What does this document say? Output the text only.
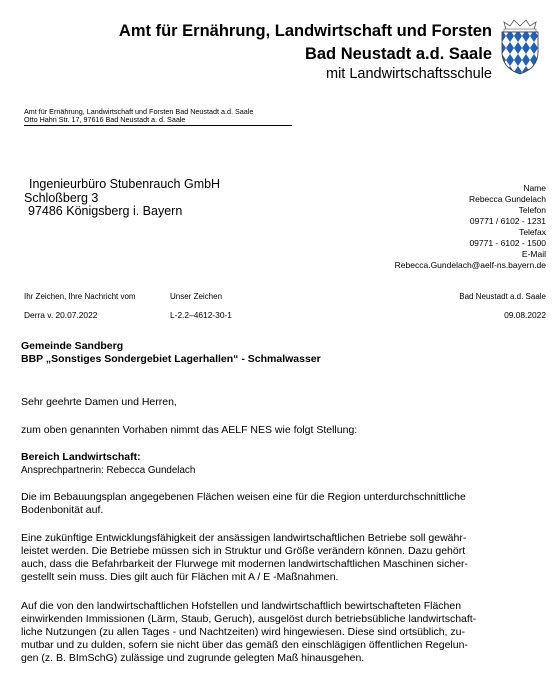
Amt für Ernährung, Landwirtschaft und Forsten
Bad Neustadt a.d. Saale
mit Landwirtschaftsschule
Amt für Ernährung, Landwirtschaft und Forsten Bad Neustadt a.d. Saale
Otto Hahn Str. 17, 97616 Bad Neustadt a. d. Saale
Ingenieurbüro Stubenrauch GmbH
Schloßberg 3
97486 Königsberg i. Bayern
Name
Rebecca Gundelach
Telefon
09771 / 6102 - 1231
Telefax
09771 - 6102 - 1500
E-Mail
Rebecca.Gundelach@aelf-ns.bayern.de
Ihr Zeichen, Ihre Nachricht vom	Unser Zeichen	Bad Neustadt a.d. Saale
Derra v. 20.07.2022	L-2.2–4612-30-1	09.08.2022
Gemeinde Sandberg
BBP „Sonstiges Sondergebiet Lagerhallen“ - Schmalwasser
Sehr geehrte Damen und Herren,
zum oben genannten Vorhaben nimmt das AELF NES wie folgt Stellung:
Bereich Landwirtschaft:
Ansprechpartnerin: Rebecca Gundelach
Die im Bebauungsplan angegebenen Flächen weisen eine für die Region unterdurchschnittliche
Bodenbonität auf.
Eine zukünftige Entwicklungsfähigkeit der ansässigen landwirtschaftlichen Betriebe soll gewähr-
leistet werden. Die Betriebe müssen sich in Struktur und Größe verändern können. Dazu gehört
auch, dass die Befahrbarkeit der Flurwege mit modernen landwirtschaftlichen Maschinen sicher-
gestellt sein muss. Dies gilt auch für Flächen mit A / E -Maßnahmen.
Auf die von den landwirtschaftlichen Hofstellen und landwirtschaftlich bewirtschafteten Flächen
einwirkenden Immissionen (Lärm, Staub, Geruch), ausgelöst durch betriebsübliche landwirtschaft-
liche Nutzungen (zu allen Tages - und Nachtzeiten) wird hingewiesen. Diese sind ortsüblich, zu-
mutbar und zu dulden, sofern sie nicht über das gemäß den einschlägigen öffentlichen Regelun-
gen (z. B. BImSchG) zulässige und zugrunde gelegten Maß hinausgehen.
